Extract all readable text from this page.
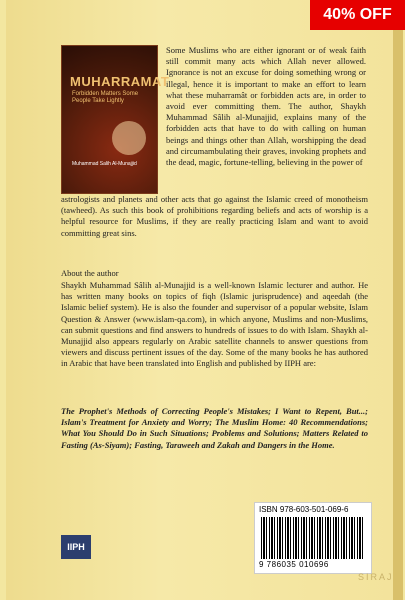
MUHARRAMAT
Forbidden Matters Some People Take Lightly
Muhammad Salih Al-Munajjid

Some Muslims who are either ignorant or of weak faith still commit many acts which Allah never allowed. Ignorance is not an excuse for doing something wrong or illegal, hence it is important to make an effort to learn what these muharramât or forbidden acts are, in order to avoid ever committing them. The author, Shaykh Muhammad Sâlih al-Munajjid, explains many of the forbidden acts that have to do with calling on human beings and things other than Allah, worshipping the dead and circumambulating their graves, invoking prophets and the dead, magic, fortune-telling, believing in the power of

astrologists and planets and other acts that go against the Islamic creed of monotheism (tawheed). As such this book of prohibitions regarding beliefs and acts of worship is a helpful resource for Muslims, if they are really practicing Islam and want to avoid committing great sins.

About the author

Shaykh Muhammad Sâlih al-Munajjid is a well-known Islamic lecturer and author. He has written many books on topics of fiqh (Islamic jurisprudence) and aqeedah (the Islamic belief system). He is also the founder and supervisor of a popular website, Islam Question & Answer (www.islam-qa.com), in which anyone, Muslims and non-Muslims, can submit questions and find answers to hundreds of issues to do with Islam. Shaykh al-Munajjid also appears regularly on Arabic satellite channels to answer questions from viewers and discuss pertinent issues of the day. Some of the many books he has authored in Arabic that have been translated into English and published by IIPH are:

The Prophet's Methods of Correcting People's Mistakes; I Want to Repent, But...; Islam's Treatment for Anxiety and Worry; The Muslim Home: 40 Recommendations; What You Should Do in Such Situations; Problems and Solutions; Matters Related to Fasting (As-Siyam); Fasting, Taraweeh and Zakah and Dangers in the Home.

ISBN 978-603-501-069-6
9 786035 010696
IIPH
40% OFF
SIRAJ
